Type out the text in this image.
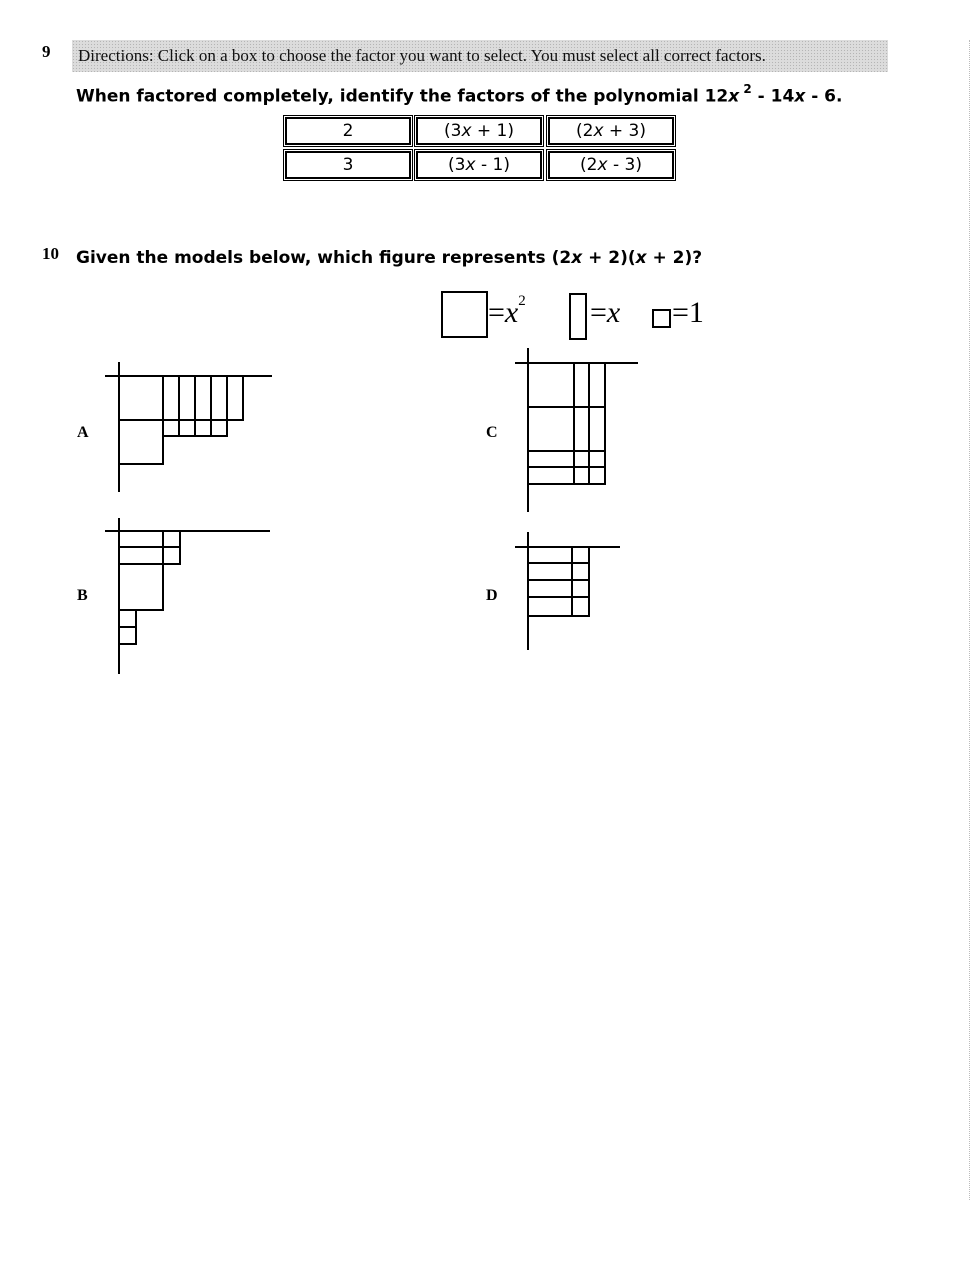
9	Directions: Click on a box to choose the factor you want to select. You must select all correct factors.
When factored completely, identify the factors of the polynomial 12x $^2$ - 14x - 6.
2	(3x + 1)	(2x + 3)
3	(3x - 1)	(2x - 3)
10 Given the models below, which figure represents (2x + 2)(x + 2)?
$=x^2 =x =1$
A
B
C
D
